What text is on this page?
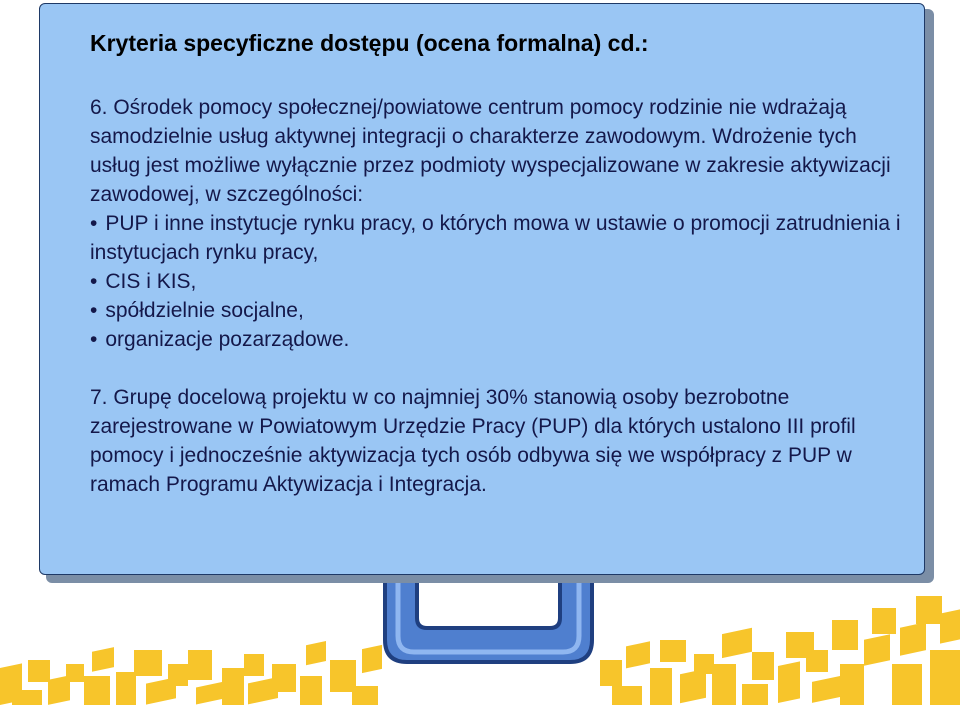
Kryteria specyficzne dostępu (ocena formalna) cd.:

6. Ośrodek pomocy społecznej/powiatowe centrum pomocy rodzinie nie wdrażają samodzielnie usług aktywnej integracji o charakterze zawodowym. Wdrożenie tych usług jest możliwe wyłącznie przez podmioty wyspecjalizowane w zakresie aktywizacji zawodowej, w szczególności:

• PUP i inne instytucje rynku pracy, o których mowa w ustawie o promocji zatrudnienia i instytucjach rynku pracy,
• CIS i KIS,
• spółdzielnie socjalne,
• organizacje pozarządowe.

7. Grupę docelową projektu w co najmniej 30% stanowią osoby bezrobotne zarejestrowane w Powiatowym Urzędzie Pracy (PUP) dla których ustalono III profil pomocy i jednocześnie aktywizacja tych osób odbywa się we współpracy z PUP w ramach Programu Aktywizacja i Integracja.
